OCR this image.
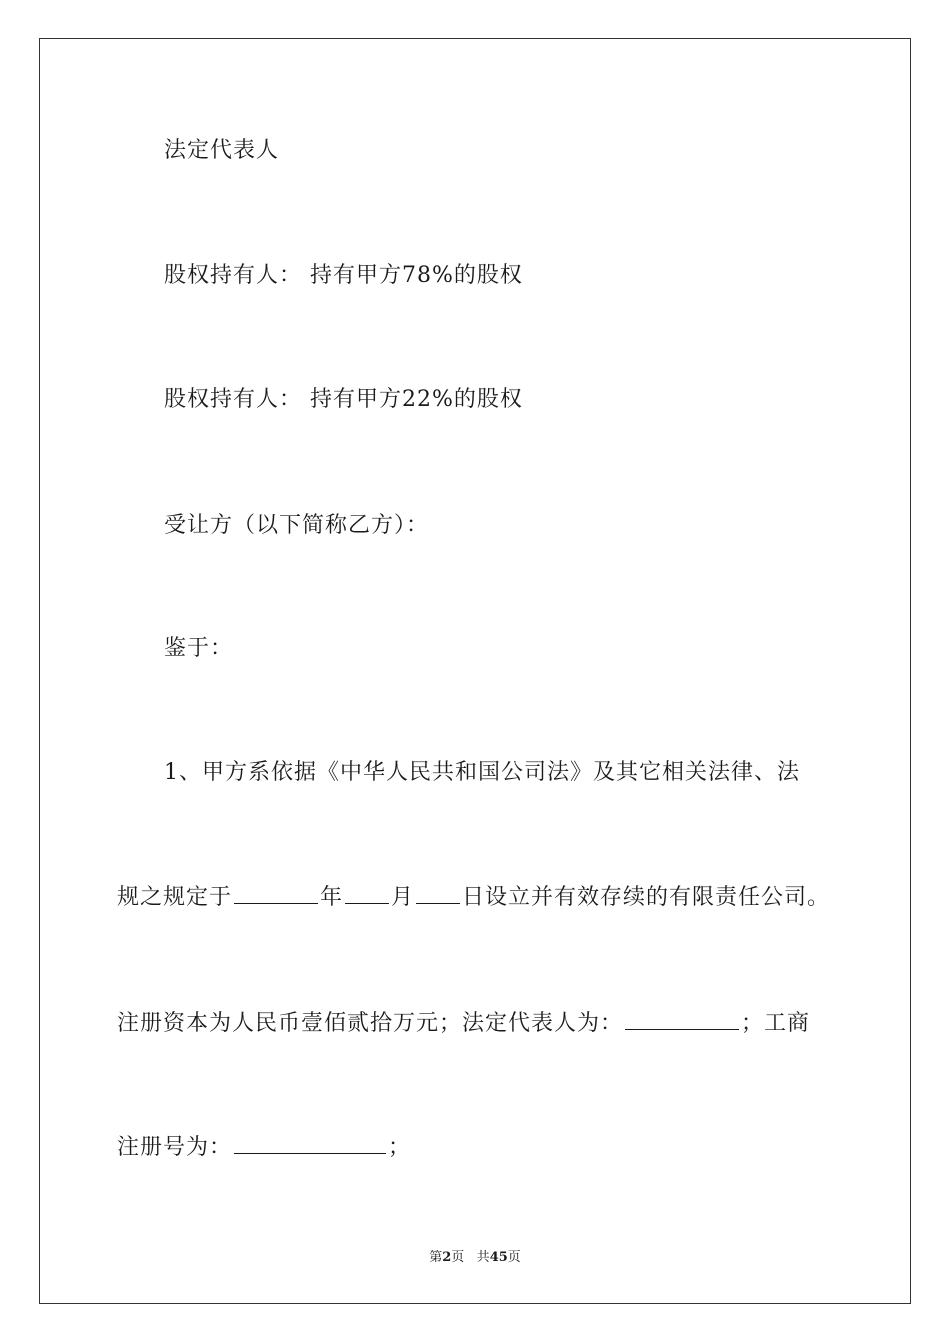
法定代表人
股权持有人： 持有甲方78%的股权
股权持有人： 持有甲方22%的股权
受让方（以下简称乙方）：
鉴于：
1、甲方系依据《中华人民共和国公司法》及其它相关法律、法
规之规定于	年 月 日设立并有效存续的有限责任公司。
注册资本为人民币壹佰贰拾万元；法定代表人为：	；工商
注册号为：	；
第2页 共45页
